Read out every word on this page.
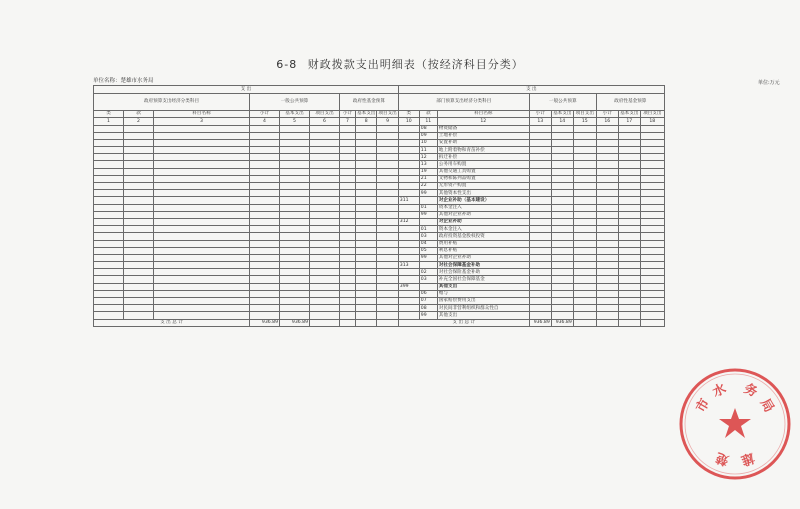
6-8 财政拨款支出明细表（按经济科目分类）
单位名称：楚雄市水务局	单位:万元
支 出									支 出								
政府预算支出经济分类科目			一般公共预算			政府性基金预算			部门预算支出经济分类科目			一般公共预算			政府性基金预算		
类	款	科目名称	小计	基本支出	项目支出	小计	基本支出	项目支出	类	款	科目名称	小计	基本支出	项目支出	小计	基本支出	项目支出
1	2	3	4	5	6	7	8	9	10	11	12	13	14	15	16	17	18
										08	物资储备						
										09	土地补偿						
										10	安置补助						
										11	地上附着物和青苗补偿						
										12	拆迁补偿						
										13	公务用车购置						
										19	其他交通工具购置						
										21	文物和陈列品购置						
										22	无形资产购置						
										99	其他资本性支出						
									311		对企业补助（基本建设）						
										01	资本金注入						
										99	其他对企业补助						
									312		对企业补助						
										01	资本金注入						
										03	政府投资基金股权投资						
										04	费用补贴						
										05	利息补贴						
										99	其他对企业补助						
									313		对社会保障基金补助						
										02	对社会保险基金补助						
										03	补充全国社会保障基金						
									399		其他支出						
										06	赠与						
										07	国家赔偿费用支出						
										08	对民间非营利组织和群众性自						
										99	其他支出						
支 出 总 计			936.89	936.89					支 出 总 计			936.89	936.89				
市
水 务
局
楚 雄
